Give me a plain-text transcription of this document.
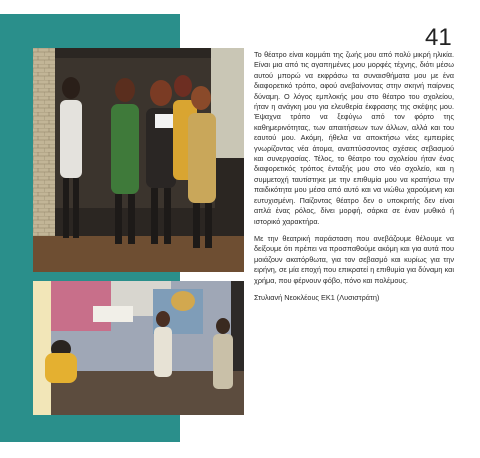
41

Το θέατρο είναι κομμάτι της ζωής μου από πολύ μικρή ηλικία. Είναι μια από τις αγαπημένες μου μορφές τέχνης, διότι μέσω αυτού μπορώ να εκφράσω τα συναισθήματα μου με ένα διαφορετικό τρόπο, αφού ανεβαίνοντας στην σκηνή παίρνεις δύναμη. Ο λόγος εμπλοκής μου στο θέατρο του σχολείου, ήταν η ανάγκη μου για ελευθερία έκφρασης της σκέψης μου. Έψαχνα τρόπο να ξεφύγω από τον φόρτο της καθημερινότητας, των απαιτήσεων των άλλων, αλλά και του εαυτού μου. Ακόμη, ήθελα να αποκτήσω νέες εμπειρίες γνωρίζοντας νέα άτομα, αναπτύσσοντας σχέσεις σεβασμού και συνεργασίας. Τέλος, το θέατρο του σχολείου ήταν ένας διαφορετικός τρόπος ένταξής μου στο νέο σχολείο, και η συμμετοχή ταυτίστηκε με την επιθυμία μου να κρατήσω την παιδικότητα μου μέσα από αυτό και να νιώθω χαρούμενη και ευτυχισμένη. Παίζοντας θέατρο δεν ο υποκριτής δεν είναι απλά ένας ρόλος, δίνει μορφή, σάρκα σε έναν μυθικό ή ιστορικό χαρακτήρα.

Με την θεατρική παράσταση που ανεβάζουμε θέλουμε να δείξουμε ότι πρέπει να προσπαθούμε ακόμη και για αυτά που μοιάζουν ακατόρθωτα, για τον σεβασμό και κυρίως για την ειρήνη, σε μία εποχή που επικρατεί η επιθυμία για δύναμη και χρήμα, που φέρνουν φόβο, πόνο και πολέμους.

Στυλιανή Νεοκλέους ΕΚ1 (Λυσιστράτη)
